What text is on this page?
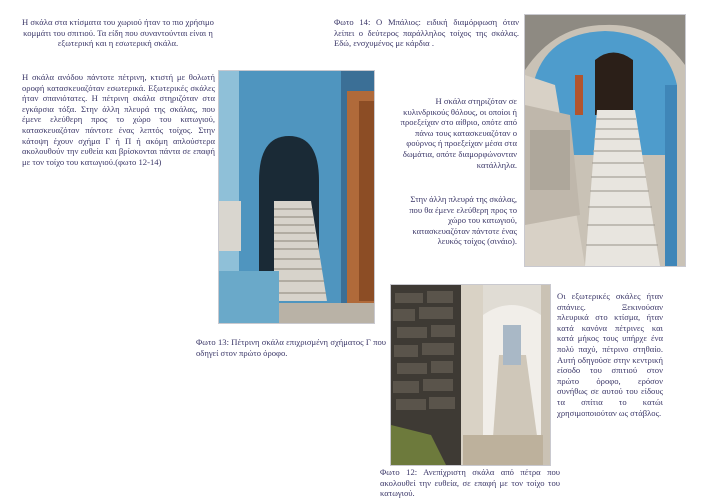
Η σκάλα στα κτίσματα του χωριού ήταν το πιο χρήσιμο κομμάτι του σπιτιού. Τα είδη που συναντούνται είναι η εξωτερική και η εσωτερική σκάλα.
Η σκάλα ανόδου πάντοτε πέτρινη, κτιστή με θολωτή οροφή κατασκευαζόταν εσωτερικά. Εξωτερικές σκάλες ήταν σπανιότατες. Η πέτρινη σκάλα στηριζόταν στα εγκάρσια τόξα. Στην άλλη πλευρά της σκάλας, που έμενε ελεύθερη προς το χώρο του κατωγιού, κατασκευαζόταν πάντοτε ένας λεπτός τοίχος. Στην κάτοψη έχουν σχήμα Γ ή Π ή ακόμη απλούστερα ακολουθούν την ευθεία και βρίσκονται πάντα σε επαφή με τον τοίχο του κατωγιού.(φωτο 12-14)
Φωτο 13: Πέτρινη σκάλα επιχρισμένη σχήματος Γ που οδηγεί στον πρώτο όροφο.
Φωτο 14: Ο Μπάλιος: ειδική διαμόρφωση όταν λείπει ο δεύτερος παράλληλος τοίχος της σκάλας. Εδώ, ενσχυμένος με κάρδια .
Η σκάλα στηριζόταν σε κυλινδρικούς θόλους, οι οποίοι ή προεξείχαν στο αίθριο, οπότε από πάνω τους κατασκευαζόταν ο φούρνος ή προεξείχαν μέσα στα δωμάτια, οπότε διαμορφώνονταν κατάλληλα.
Στην άλλη πλευρά της σκάλας, που θα έμενε ελεύθερη προς το χώρο του κατωγιού, κατασκευαζόταν πάντοτε ένας λευκός τοίχος (σινάιο).
Οι εξωτερικές σκάλες ήταν σπάνιες. Ξεκινούσαν πλευρικά στο κτίσμα, ήταν κατά κανόνα πέτρινες και κατά μήκος τους υπήρχε ένα πολύ παχύ, πέτρινο στηθαίο. Αυτή οδηγούσε στην κεντρική είσοδο του σπιτιού στον πρώτο όροφο, ερόσον συνήθως σε αυτού του είδους τα σπίτια το κατώι χρησιμοποιούταν ως στάβλος.
Φωτο 12: Ανεπίχριστη σκάλα από πέτρα που ακολουθεί την ευθεία, σε επαφή με τον τοίχο του κατωγιού.
